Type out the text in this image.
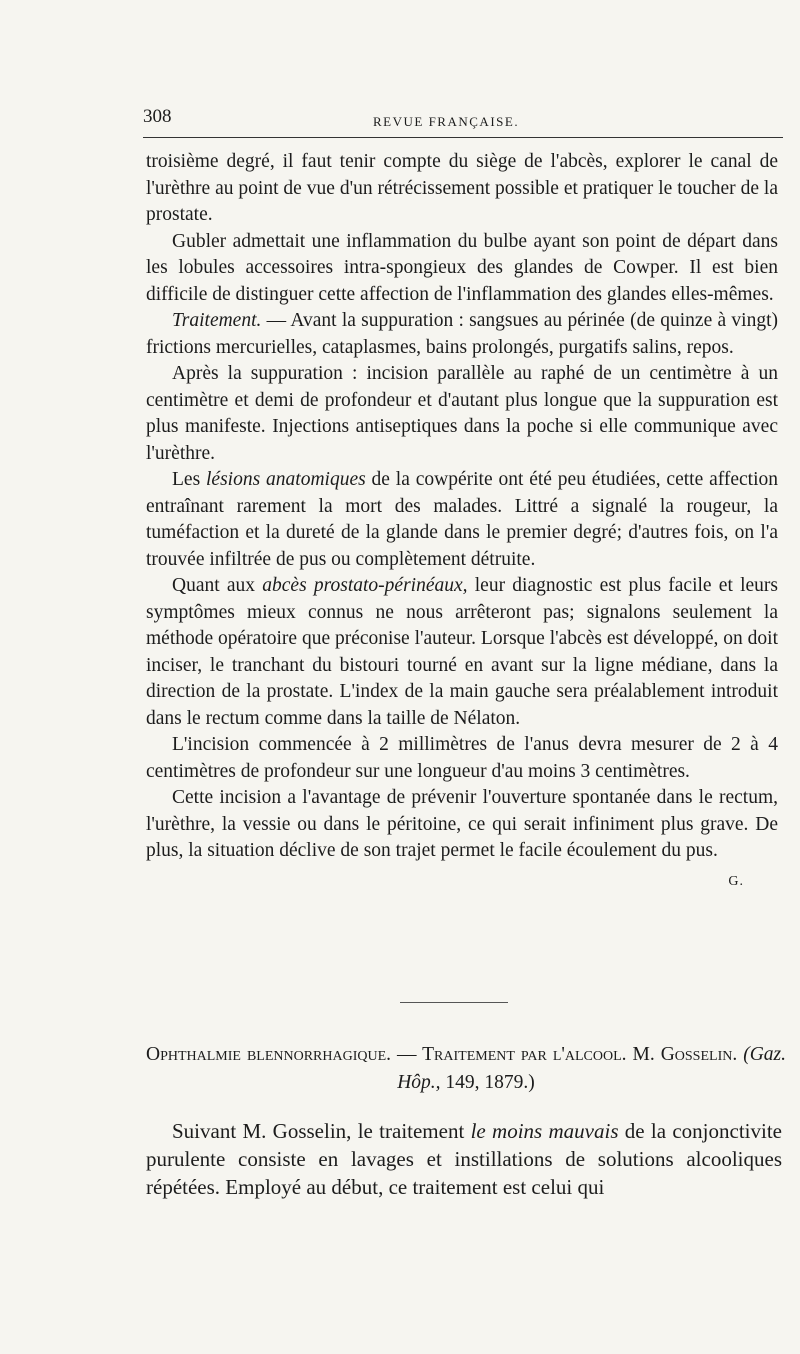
308	REVUE FRANÇAISE.

troisième degré, il faut tenir compte du siège de l'abcès, explorer le canal de l'urèthre au point de vue d'un rétrécissement possible et pratiquer le toucher de la prostate.

Gubler admettait une inflammation du bulbe ayant son point de départ dans les lobules accessoires intra-spongieux des glandes de Cowper. Il est bien difficile de distinguer cette affection de l'inflammation des glandes elles-mêmes.

Traitement. — Avant la suppuration : sangsues au périnée (de quinze à vingt) frictions mercurielles, cataplasmes, bains prolongés, purgatifs salins, repos.

Après la suppuration : incision parallèle au raphé de un centimètre à un centimètre et demi de profondeur et d'autant plus longue que la suppuration est plus manifeste. Injections antiseptiques dans la poche si elle communique avec l'urèthre.

Les lésions anatomiques de la cowpérite ont été peu étudiées, cette affection entraînant rarement la mort des malades. Littré a signalé la rougeur, la tuméfaction et la dureté de la glande dans le premier degré; d'autres fois, on l'a trouvée infiltrée de pus ou complètement détruite.

Quant aux abcès prostato-périnéaux, leur diagnostic est plus facile et leurs symptômes mieux connus ne nous arrêteront pas; signalons seulement la méthode opératoire que préconise l'auteur. Lorsque l'abcès est développé, on doit inciser, le tranchant du bistouri tourné en avant sur la ligne médiane, dans la direction de la prostate. L'index de la main gauche sera préalablement introduit dans le rectum comme dans la taille de Nélaton.

L'incision commencée à 2 millimètres de l'anus devra mesurer de 2 à 4 centimètres de profondeur sur une longueur d'au moins 3 centimètres.

Cette incision a l'avantage de prévenir l'ouverture spontanée dans le rectum, l'urèthre, la vessie ou dans le péritoine, ce qui serait infiniment plus grave. De plus, la situation déclive de son trajet permet le facile écoulement du pus.
G.

Ophthalmie blennorrhagique. — Traitement par l'alcool. M. Gosselin. (Gaz. Hôp., 149, 1879.)

Suivant M. Gosselin, le traitement le moins mauvais de la conjonctivite purulente consiste en lavages et instillations de solutions alcooliques répétées. Employé au début, ce traitement est celui qui
